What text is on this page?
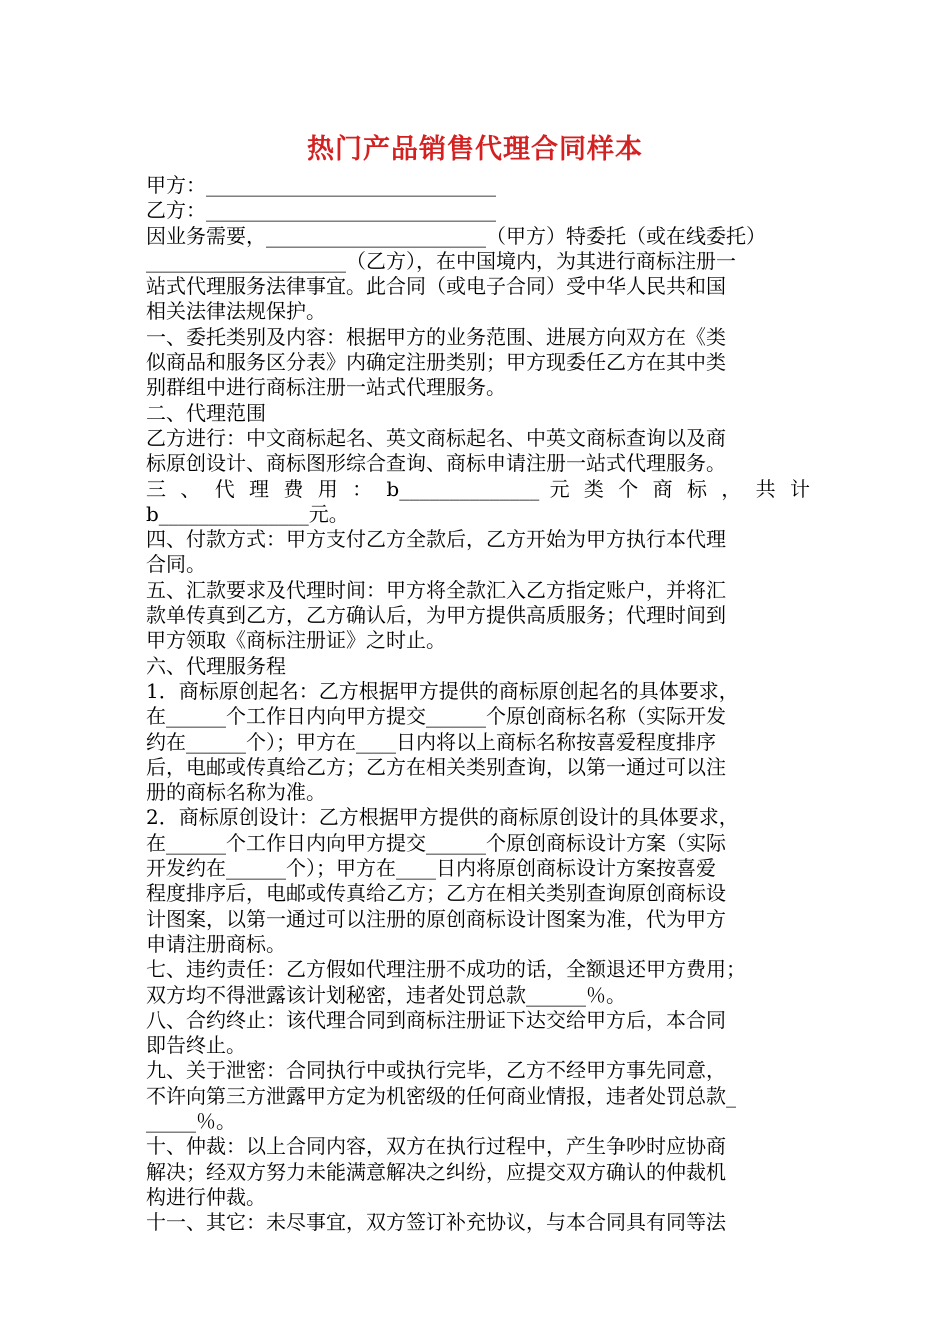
热门产品销售代理合同样本
甲方：_____________________________
乙方：_____________________________
因业务需要，______________________（甲方）特委托（或在线委托）
____________________（乙方），在中国境内，为其进行商标注册一
站式代理服务法律事宜。此合同（或电子合同）受中华人民共和国
相关法律法规保护。
一、委托类别及内容：根据甲方的业务范围、进展方向双方在《类
似商品和服务区分表》内确定注册类别；甲方现委任乙方在其中类
别群组中进行商标注册一站式代理服务。
二、代理范围
乙方进行：中文商标起名、英文商标起名、中英文商标查询以及商
标原创设计、商标图形综合查询、商标申请注册一站式代理服务。
三 、 代 理 费 用 ： b______________ 元 类 个 商 标 ， 共 计
b_______________元。
四、付款方式：甲方支付乙方全款后，乙方开始为甲方执行本代理
合同。
五、汇款要求及代理时间：甲方将全款汇入乙方指定账户，并将汇
款单传真到乙方，乙方确认后，为甲方提供高质服务；代理时间到
甲方领取《商标注册证》之时止。
六、代理服务程
1．商标原创起名：乙方根据甲方提供的商标原创起名的具体要求，
在______个工作日内向甲方提交______个原创商标名称（实际开发
约在______个）；甲方在____日内将以上商标名称按喜爱程度排序
后，电邮或传真给乙方；乙方在相关类别查询，以第一通过可以注
册的商标名称为准。
2．商标原创设计：乙方根据甲方提供的商标原创设计的具体要求，
在______个工作日内向甲方提交______个原创商标设计方案（实际
开发约在______个）；甲方在____日内将原创商标设计方案按喜爱
程度排序后，电邮或传真给乙方；乙方在相关类别查询原创商标设
计图案，以第一通过可以注册的原创商标设计图案为准，代为甲方
申请注册商标。
七、违约责任：乙方假如代理注册不成功的话，全额退还甲方费用；
双方均不得泄露该计划秘密，违者处罚总款______％。
八、合约终止：该代理合同到商标注册证下达交给甲方后，本合同
即告终止。
九、关于泄密：合同执行中或执行完毕，乙方不经甲方事先同意，
不许向第三方泄露甲方定为机密级的任何商业情报，违者处罚总款_
_____％。
十、仲裁：以上合同内容，双方在执行过程中，产生争吵时应协商
解决；经双方努力未能满意解决之纠纷，应提交双方确认的仲裁机
构进行仲裁。
十一、其它：未尽事宜，双方签订补充协议，与本合同具有同等法
